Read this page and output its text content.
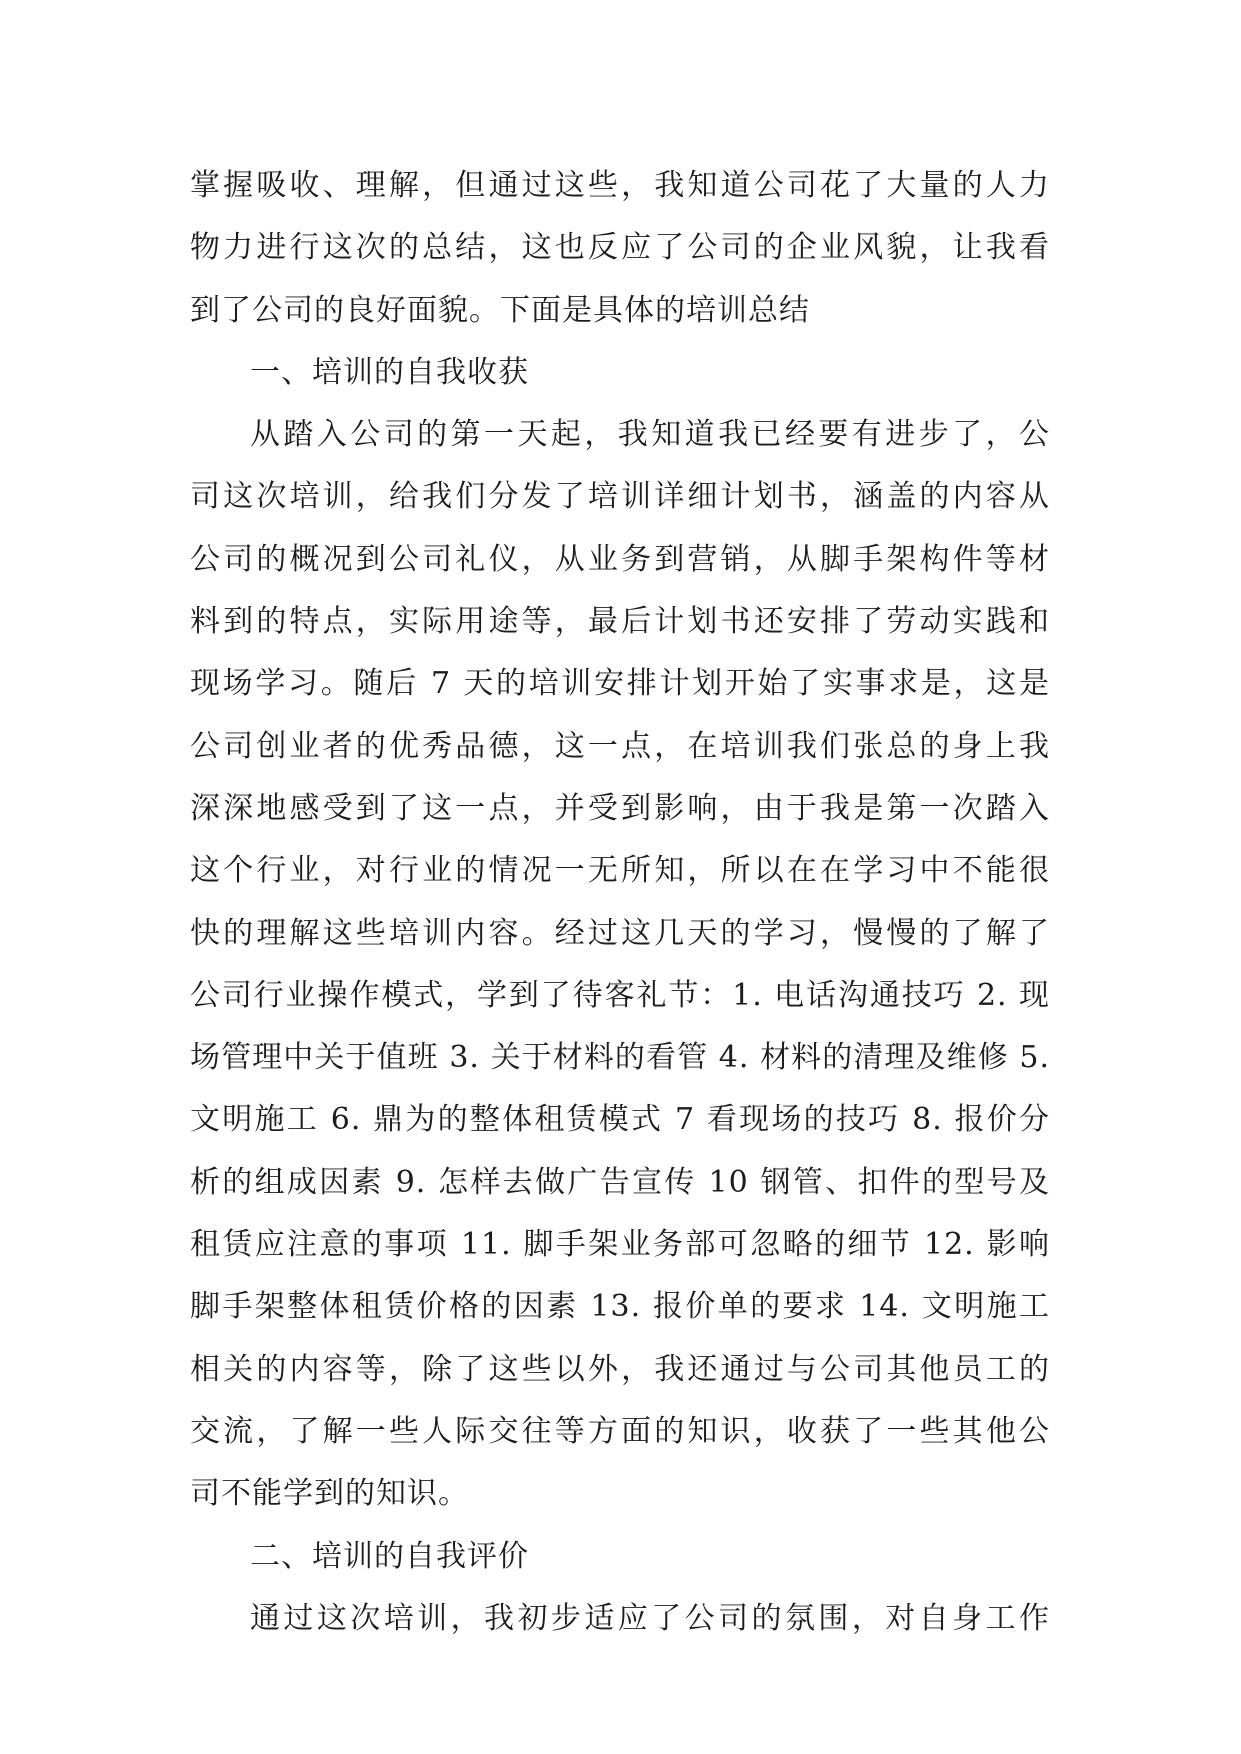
掌握吸收、理解，但通过这些，我知道公司花了大量的人力
物力进行这次的总结，这也反应了公司的企业风貌，让我看
到了公司的良好面貌。下面是具体的培训总结
一、培训的自我收获
从踏入公司的第一天起，我知道我已经要有进步了，公
司这次培训，给我们分发了培训详细计划书，涵盖的内容从
公司的概况到公司礼仪，从业务到营销，从脚手架构件等材
料到的特点，实际用途等，最后计划书还安排了劳动实践和
现场学习。随后 7 天的培训安排计划开始了实事求是，这是
公司创业者的优秀品德，这一点，在培训我们张总的身上我
深深地感受到了这一点，并受到影响，由于我是第一次踏入
这个行业，对行业的情况一无所知，所以在在学习中不能很
快的理解这些培训内容。经过这几天的学习，慢慢的了解了
公司行业操作模式，学到了待客礼节：1. 电话沟通技巧 2. 现
场管理中关于值班 3. 关于材料的看管 4. 材料的清理及维修 5.
文明施工 6. 鼎为的整体租赁模式 7 看现场的技巧 8. 报价分
析的组成因素 9. 怎样去做广告宣传 10 钢管、扣件的型号及
租赁应注意的事项 11. 脚手架业务部可忽略的细节 12. 影响
脚手架整体租赁价格的因素 13. 报价单的要求 14. 文明施工
相关的内容等，除了这些以外，我还通过与公司其他员工的
交流，了解一些人际交往等方面的知识，收获了一些其他公
司不能学到的知识。
二、培训的自我评价
通过这次培训，我初步适应了公司的氛围，对自身工作
